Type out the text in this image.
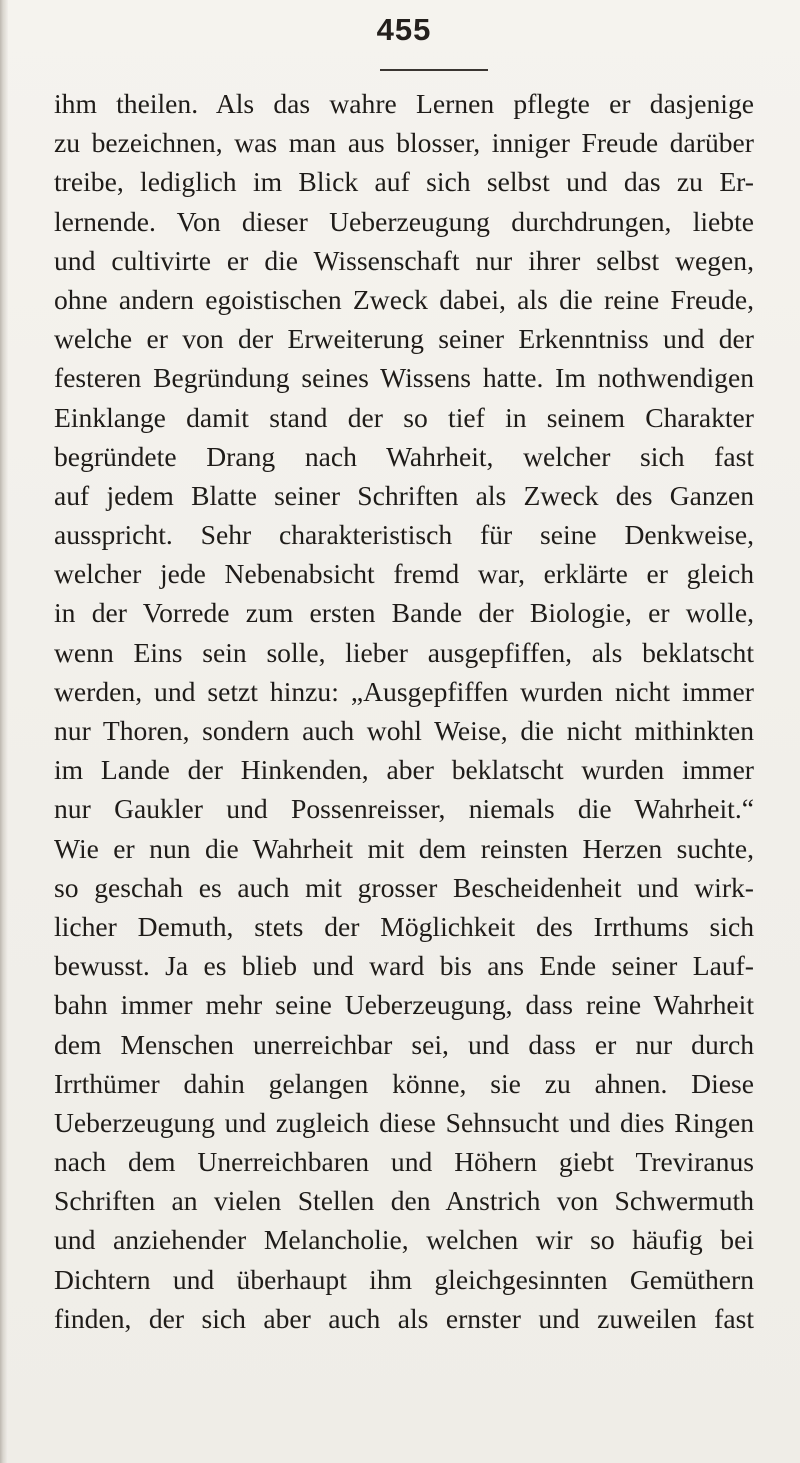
455
ihm theilen. Als das wahre Lernen pflegte er dasjenige
zu bezeichnen, was man aus blosser, inniger Freude darüber
treibe, lediglich im Blick auf sich selbst und das zu Er-
lernende. Von dieser Ueberzeugung durchdrungen, liebte
und cultivirte er die Wissenschaft nur ihrer selbst wegen,
ohne andern egoistischen Zweck dabei, als die reine Freude,
welche er von der Erweiterung seiner Erkenntniss und der
festeren Begründung seines Wissens hatte. Im nothwendigen
Einklange damit stand der so tief in seinem Charakter
begründete Drang nach Wahrheit, welcher sich fast
auf jedem Blatte seiner Schriften als Zweck des Ganzen
ausspricht. Sehr charakteristisch für seine Denkweise,
welcher jede Nebenabsicht fremd war, erklärte er gleich
in der Vorrede zum ersten Bande der Biologie, er wolle,
wenn Eins sein solle, lieber ausgepfiffen, als beklatscht
werden, und setzt hinzu: „Ausgepfiffen wurden nicht immer
nur Thoren, sondern auch wohl Weise, die nicht mithinkten
im Lande der Hinkenden, aber beklatscht wurden immer
nur Gaukler und Possenreisser, niemals die Wahrheit.“
Wie er nun die Wahrheit mit dem reinsten Herzen suchte,
so geschah es auch mit grosser Bescheidenheit und wirk-
licher Demuth, stets der Möglichkeit des Irrthums sich
bewusst. Ja es blieb und ward bis ans Ende seiner Lauf-
bahn immer mehr seine Ueberzeugung, dass reine Wahrheit
dem Menschen unerreichbar sei, und dass er nur durch
Irrthümer dahin gelangen könne, sie zu ahnen. Diese
Ueberzeugung und zugleich diese Sehnsucht und dies Ringen
nach dem Unerreichbaren und Höhern giebt Treviranus
Schriften an vielen Stellen den Anstrich von Schwermuth
und anziehender Melancholie, welchen wir so häufig bei
Dichtern und überhaupt ihm gleichgesinnten Gemüthern
finden, der sich aber auch als ernster und zuweilen fast
